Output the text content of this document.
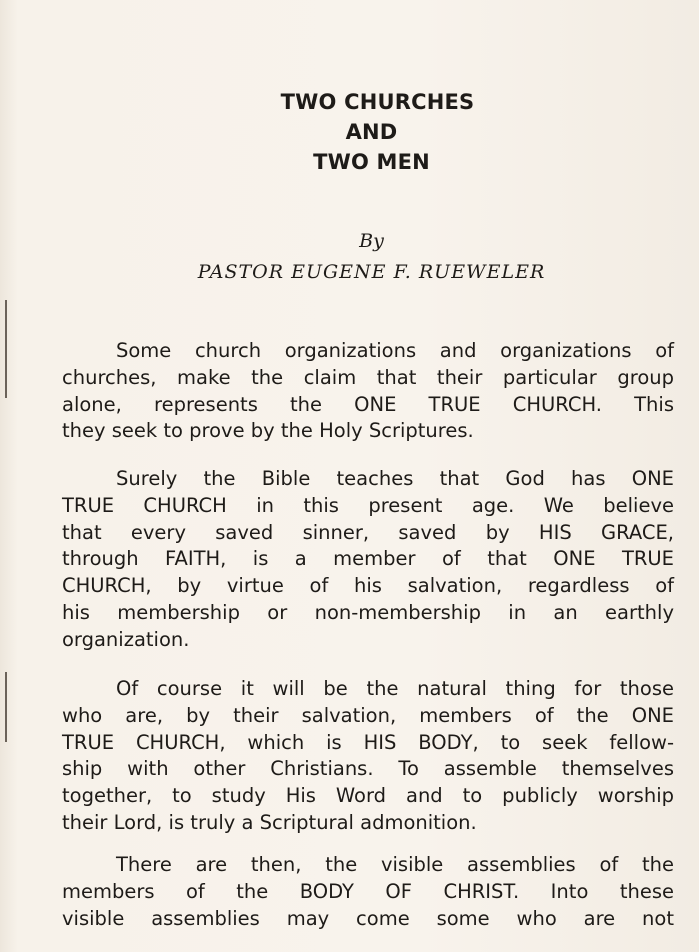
TWO CHURCHES
AND
TWO MEN
By
PASTOR EUGENE F. RUEWELER
Some church organizations and organizations of
churches, make the claim that their particular group
alone, represents the ONE TRUE CHURCH. This
they seek to prove by the Holy Scriptures.
Surely the Bible teaches that God has ONE
TRUE CHURCH in this present age. We believe
that every saved sinner, saved by HIS GRACE,
through FAITH, is a member of that ONE TRUE
CHURCH, by virtue of his salvation, regardless of
his membership or non-membership in an earthly
organization.
Of course it will be the natural thing for those
who are, by their salvation, members of the ONE
TRUE CHURCH, which is HIS BODY, to seek fellow-
ship with other Christians. To assemble themselves
together, to study His Word and to publicly worship
their Lord, is truly a Scriptural admonition.
There are then, the visible assemblies of the
members of the BODY OF CHRIST. Into these
visible assemblies may come some who are not
